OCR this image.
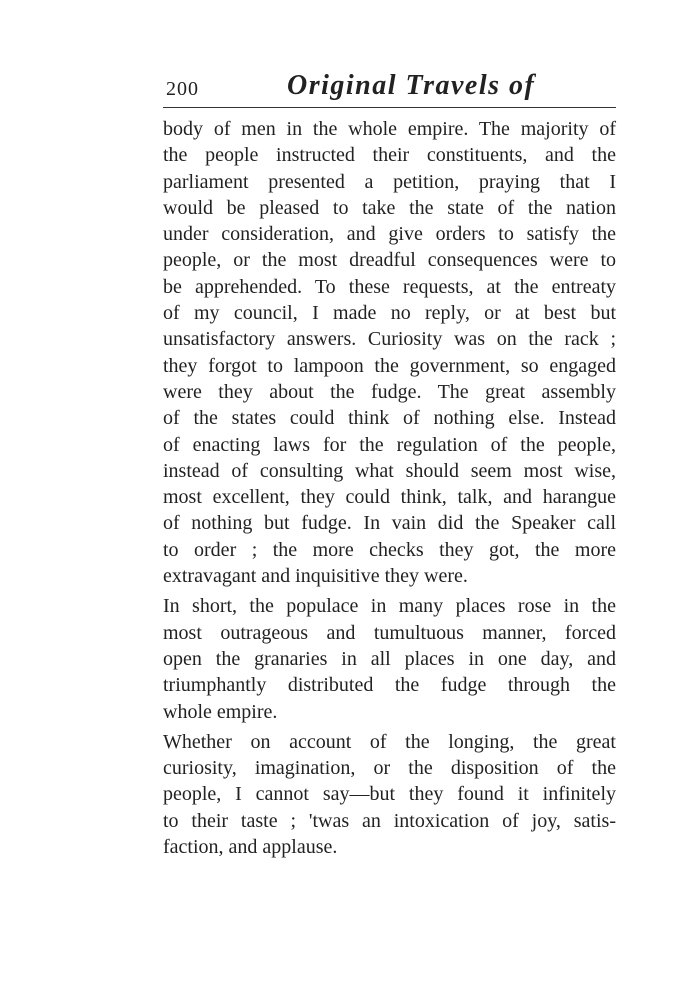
200	Original Travels of
body of men in the whole empire. The majority of
the people instructed their constituents, and the
parliament presented a petition, praying that I
would be pleased to take the state of the nation
under consideration, and give orders to satisfy the
people, or the most dreadful consequences were to
be apprehended. To these requests, at the entreaty
of my council, I made no reply, or at best but
unsatisfactory answers. Curiosity was on the rack ;
they forgot to lampoon the government, so engaged
were they about the fudge. The great assembly
of the states could think of nothing else. Instead
of enacting laws for the regulation of the people,
instead of consulting what should seem most wise,
most excellent, they could think, talk, and harangue
of nothing but fudge. In vain did the Speaker call
to order ; the more checks they got, the more
extravagant and inquisitive they were.
In short, the populace in many places rose in the
most outrageous and tumultuous manner, forced
open the granaries in all places in one day, and
triumphantly distributed the fudge through the
whole empire.
Whether on account of the longing, the great
curiosity, imagination, or the disposition of the
people, I cannot say—but they found it infinitely
to their taste ; 'twas an intoxication of joy, satis-
faction, and applause.
